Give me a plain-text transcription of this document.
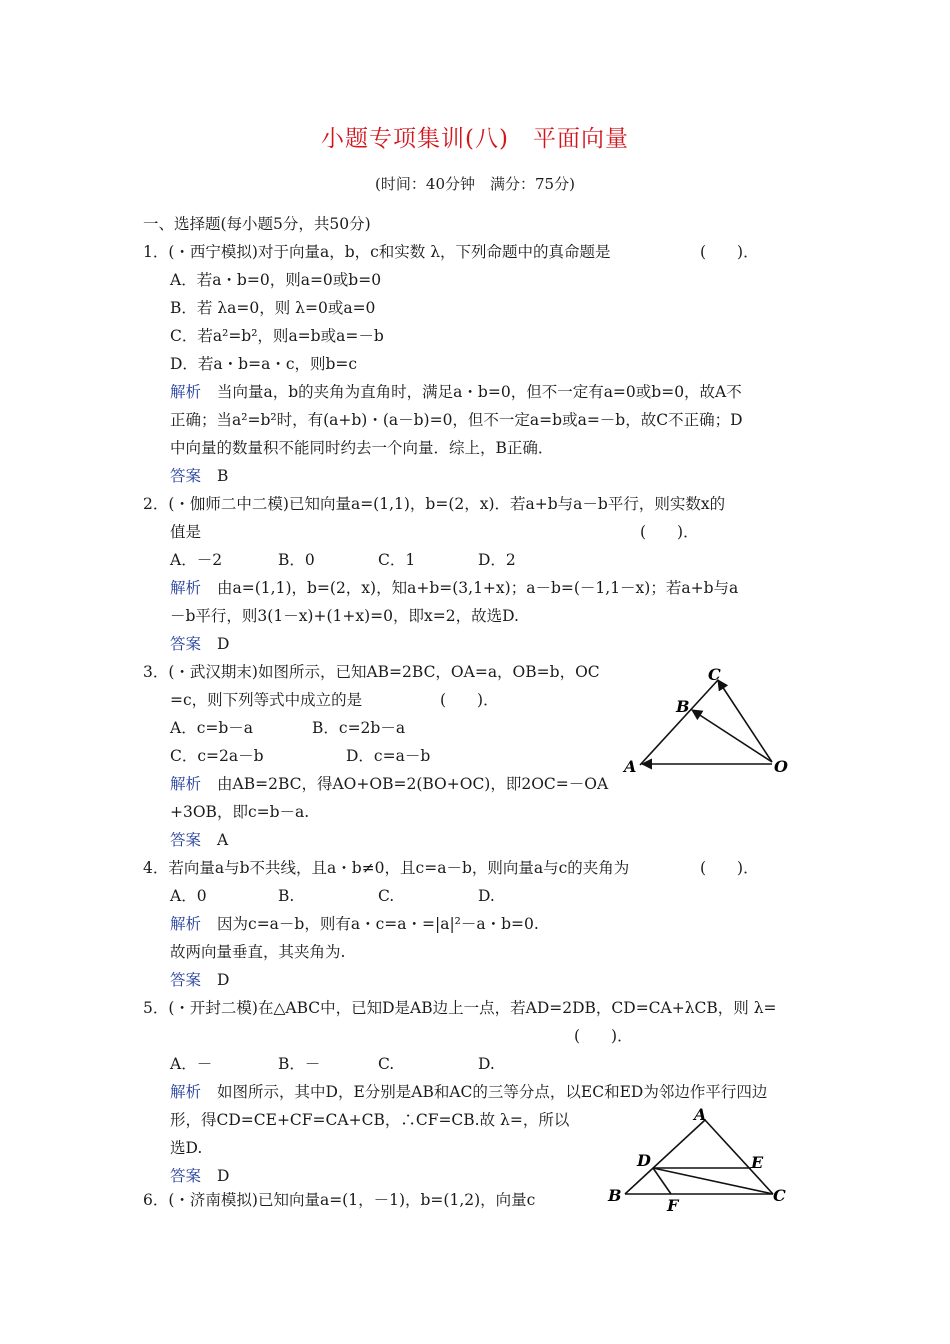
小题专项集训(八)　平面向量
(时间：40分钟　满分：75分)
一、选择题(每小题5分，共50分)
1．(・西宁模拟)对于向量a，b，c和实数 λ，下列命题中的真命题是	(　　)．
A．若a・b=0，则a=0或b=0
B．若 λa=0，则 λ=0或a=0
C．若a²=b²，则a=b或a=－b
D．若a・b=a・c，则b=c
解析 当向量a，b的夹角为直角时，满足a・b=0，但不一定有a=0或b=0，故A不
正确；当a²=b²时，有(a+b)・(a－b)=0，但不一定a=b或a=－b，故C不正确；D
中向量的数量积不能同时约去一个向量．综上，B正确．
答案 B
2．(・伽师二中二模)已知向量a=(1,1)，b=(2，x)．若a+b与a－b平行，则实数x的
值是	(　　)．
A．－2	B．0	C．1	D．2
解析 由a=(1,1)，b=(2，x)，知a+b=(3,1+x)；a－b=(－1,1－x)；若a+b与a
－b平行，则3(1－x)+(1+x)=0，即x=2，故选D.
答案 D
3．(・武汉期末)如图所示，已知AB=2BC，OA=a，OB=b，OC
=c，则下列等式中成立的是	(　　)．
A．c=b－a	B．c=2b－a
C．c=2a－b	D．c=a－b
解析 由AB=2BC，得AO+OB=2(BO+OC)，即2OC=－OA
+3OB，即c=b－a.
答案 A
C
B
A	O
4．若向量a与b不共线，且a・b≠0，且c=a－b，则向量a与c的夹角为	(　　)．
A．0	B.	C.	D.
解析 因为c=a－b，则有a・c=a・=|a|²－a・b=0.
故两向量垂直，其夹角为.
答案 D
5．(・开封二模)在△ABC中，已知D是AB边上一点，若AD=2DB，CD=CA+λCB，则 λ=
(　　)．
A．－	B．－	C.	D.
解析 如图所示，其中D，E分别是AB和AC的三等分点，以EC和ED为邻边作平行四边
形，得CD=CE+CF=CA+CB，∴CF=CB.故 λ=，所以
选D.
答案 D
A
D	E
B
F
C
6．(・济南模拟)已知向量a=(1，－1)，b=(1,2)，向量c
